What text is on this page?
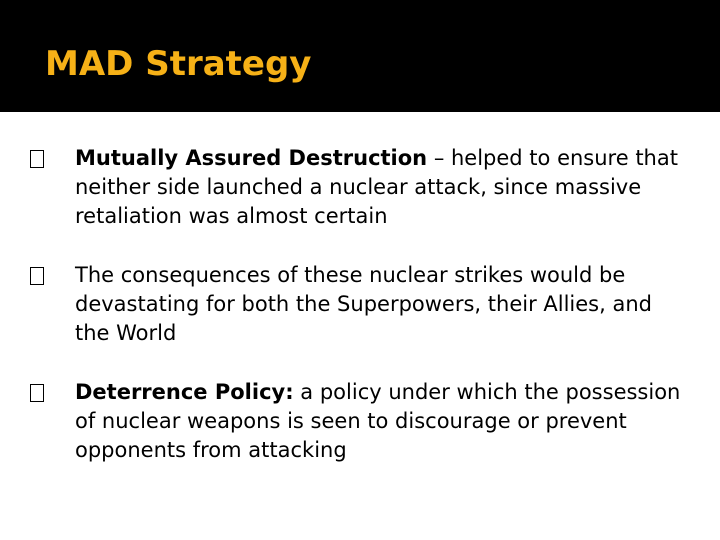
MAD Strategy
Mutually Assured Destruction – helped to ensure that neither side launched a nuclear attack, since massive retaliation was almost certain
The consequences of these nuclear strikes would be devastating for both the Superpowers, their Allies, and the World
Deterrence Policy: a policy under which the possession of nuclear weapons is seen to discourage or prevent opponents from attacking
